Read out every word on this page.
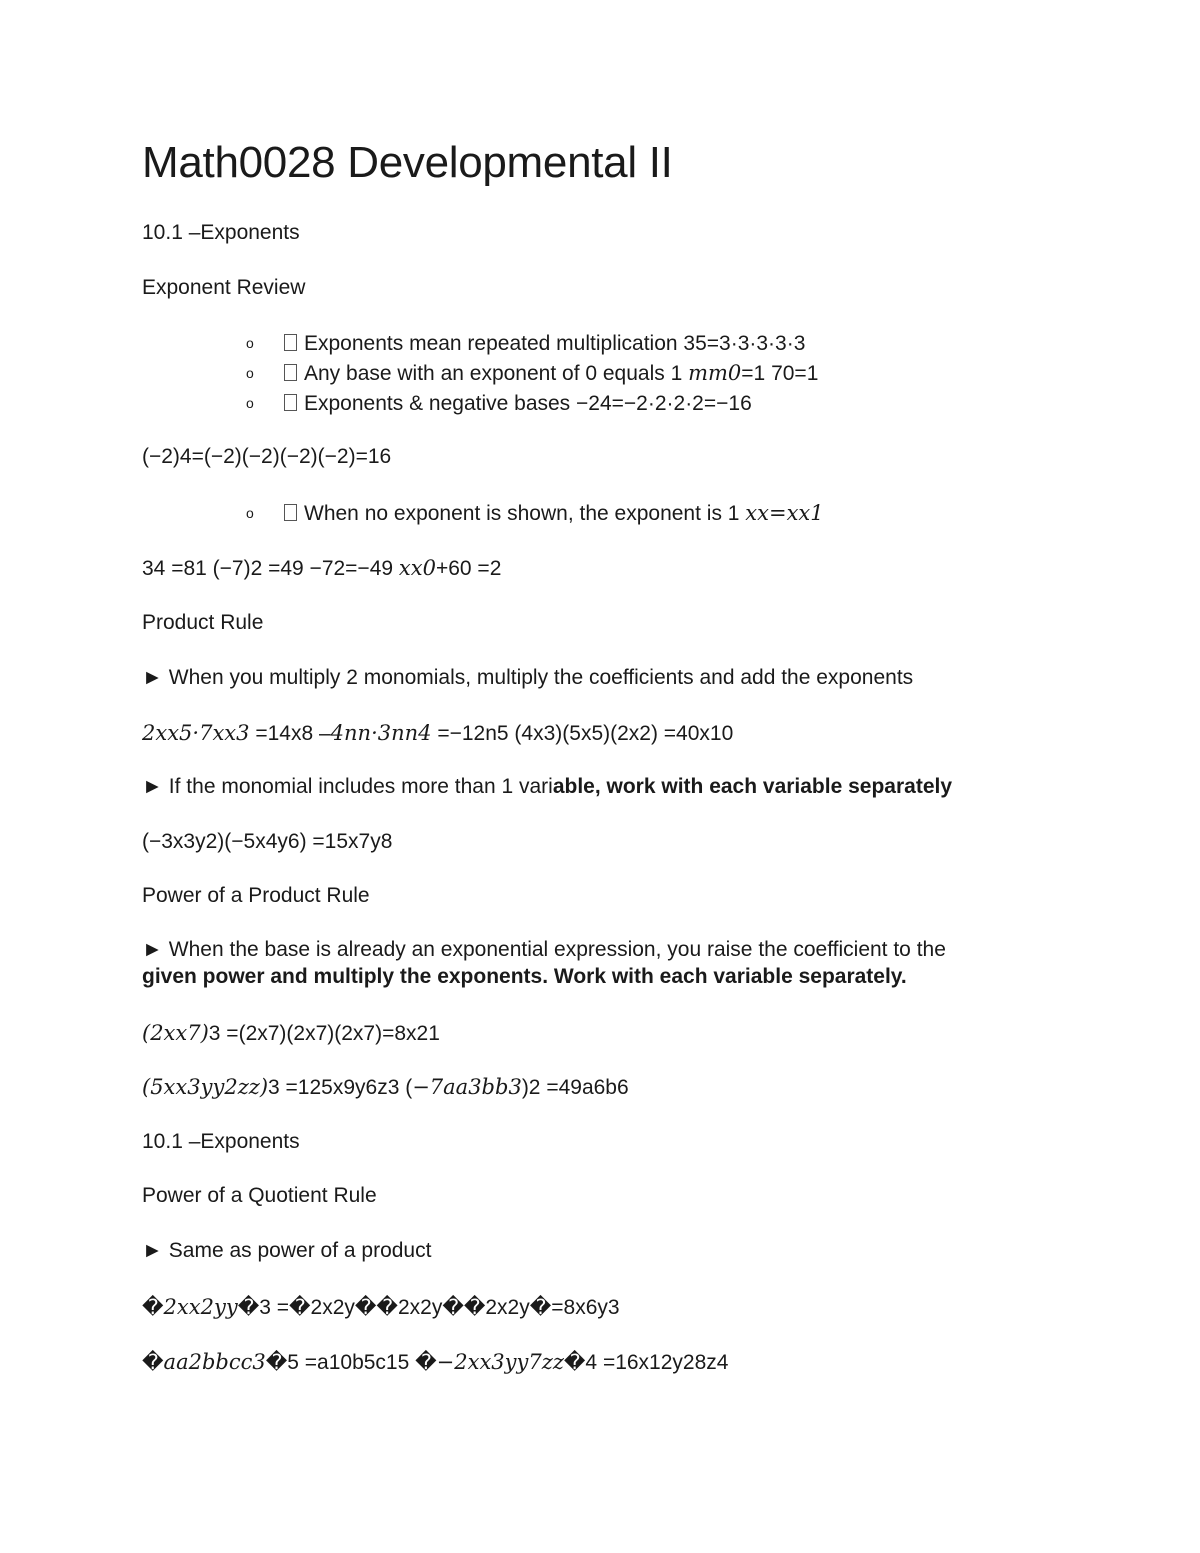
Math0028 Developmental II
10.1 –Exponents
Exponent Review
o Exponents mean repeated multiplication 35=3·3·3·3·3
o Any base with an exponent of 0 equals 1 mm0=1 70=1
o Exponents & negative bases −24=−2·2·2·2=−16
(−2)4=(−2)(−2)(−2)(−2)=16
o When no exponent is shown, the exponent is 1 xx=xx1
34 =81 (−7)2 =49 −72=−49 xx0+60 =2
Product Rule
► When you multiply 2 monomials, multiply the coefficients and add the exponents
2xx5·7xx3 =14x8 –4nn·3nn4 =−12n5 (4x3)(5x5)(2x2) =40x10
► If the monomial includes more than 1 variable, work with each variable separately
(−3x3y2)(−5x4y6) =15x7y8
Power of a Product Rule
► When the base is already an exponential expression, you raise the coefficient to the
given power and multiply the exponents. Work with each variable separately.
(2xx7)3 =(2x7)(2x7)(2x7)=8x21
(5xx3yy2zz)3 =125x9y6z3 (−7aa3bb3)2 =49a6b6
10.1 –Exponents
Power of a Quotient Rule
► Same as power of a product
�2xx2yy�3 =�2x2y��2x2y��2x2y�=8x6y3
�aa2bbcc3�5 =a10b5c15 �−2xx3yy7zz�4 =16x12y28z4
